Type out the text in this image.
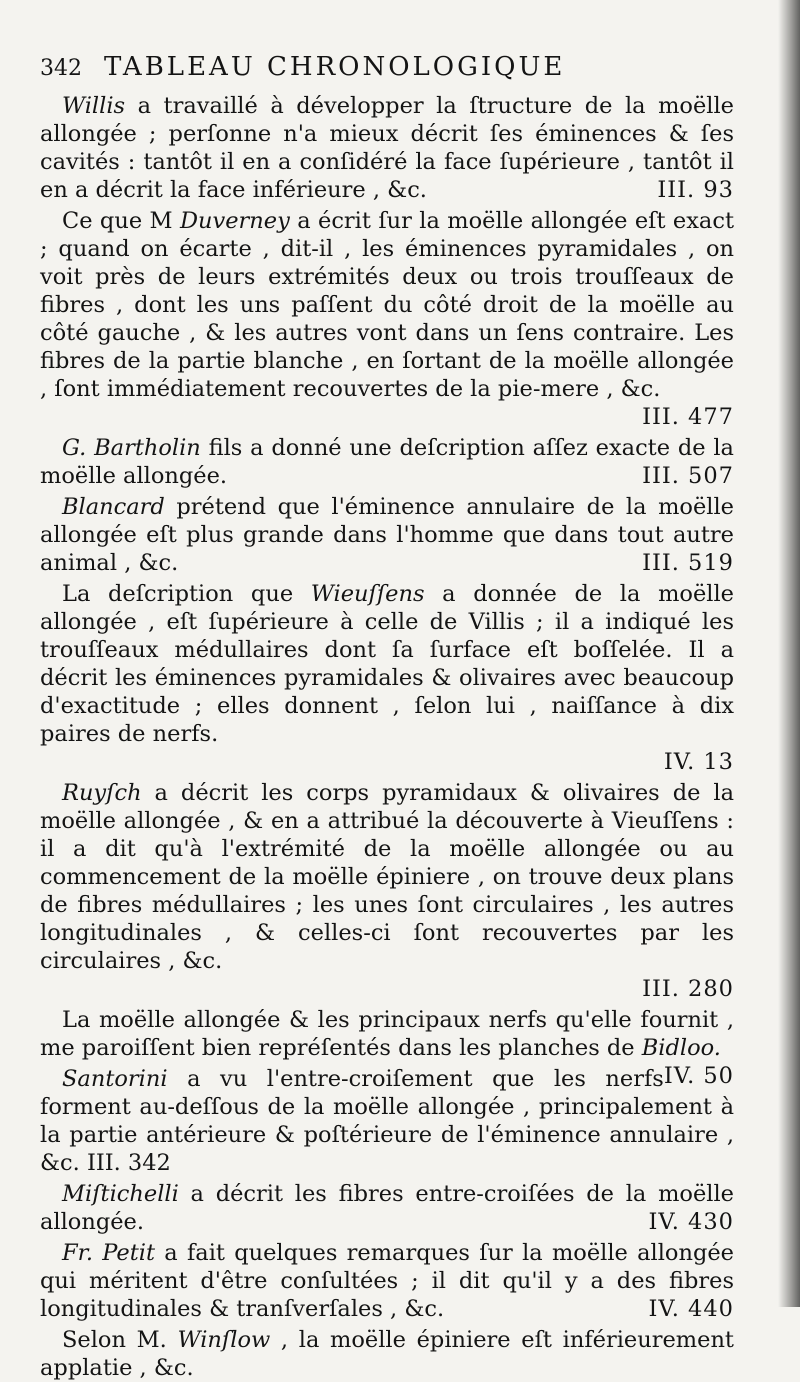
342 TABLEAU CHRONOLOGIQUE

Willis a travaillé à développer la ſtructure de la moëlle allongée ; perſonne n'a mieux décrit ſes éminences & ſes cavités : tantôt il en a conſidéré la face ſupérieure , tantôt il en a décrit la face inférieure , &c.	III. 93

Ce que M Duverney a écrit ſur la moëlle allongée eſt exact ; quand on écarte , dit-il , les éminences pyramidales , on voit près de leurs extrémités deux ou trois trouſſeaux de fibres , dont les uns paſſent du côté droit de la moëlle au côté gauche , & les autres vont dans un ſens contraire. Les fibres de la partie blanche , en ſortant de la moëlle allongée , ſont immédiatement recouvertes de la pie-mere , &c.
III. 477

G. Bartholin fils a donné une deſcription aſſez exacte de la moëlle allongée.	III. 507

Blancard prétend que l'éminence annulaire de la moëlle allongée eſt plus grande dans l'homme que dans tout autre animal , &c.	III. 519

La deſcription que Wieuſſens a donnée de la moëlle allongée , eſt ſupérieure à celle de Villis ; il a indiqué les trouſſeaux médullaires dont ſa ſurface eſt boſſelée. Il a décrit les éminences pyramidales & olivaires avec beaucoup d'exactitude ; elles donnent , ſelon lui , naiſſance à dix paires de nerfs.
IV. 13

Ruyſch a décrit les corps pyramidaux & olivaires de la moëlle allongée , & en a attribué la découverte à Vieuſſens : il a dit qu'à l'extrémité de la moëlle allongée ou au commencement de la moëlle épiniere , on trouve deux plans de fibres médullaires ; les unes ſont circulaires , les autres longitudinales , & celles-ci ſont recouvertes par les circulaires , &c.
III. 280

La moëlle allongée & les principaux nerfs qu'elle fournit , me paroiſſent bien repréſentés dans les planches de Bidloo.
IV. 50

Santorini a vu l'entre-croiſement que les nerfs forment au-deſſous de la moëlle allongée , principalement à la partie antérieure & poſtérieure de l'éminence annulaire , &c. III. 342

Miſtichelli a décrit les fibres entre-croiſées de la moëlle allongée.	IV. 430

Fr. Petit a fait quelques remarques ſur la moëlle allongée qui méritent d'être conſultées ; il dit qu'il y a des fibres longitudinales & tranſverſales , &c.	IV. 440

Selon M. Winſlow , la moëlle épiniere eſt inférieurement applatie , &c.
